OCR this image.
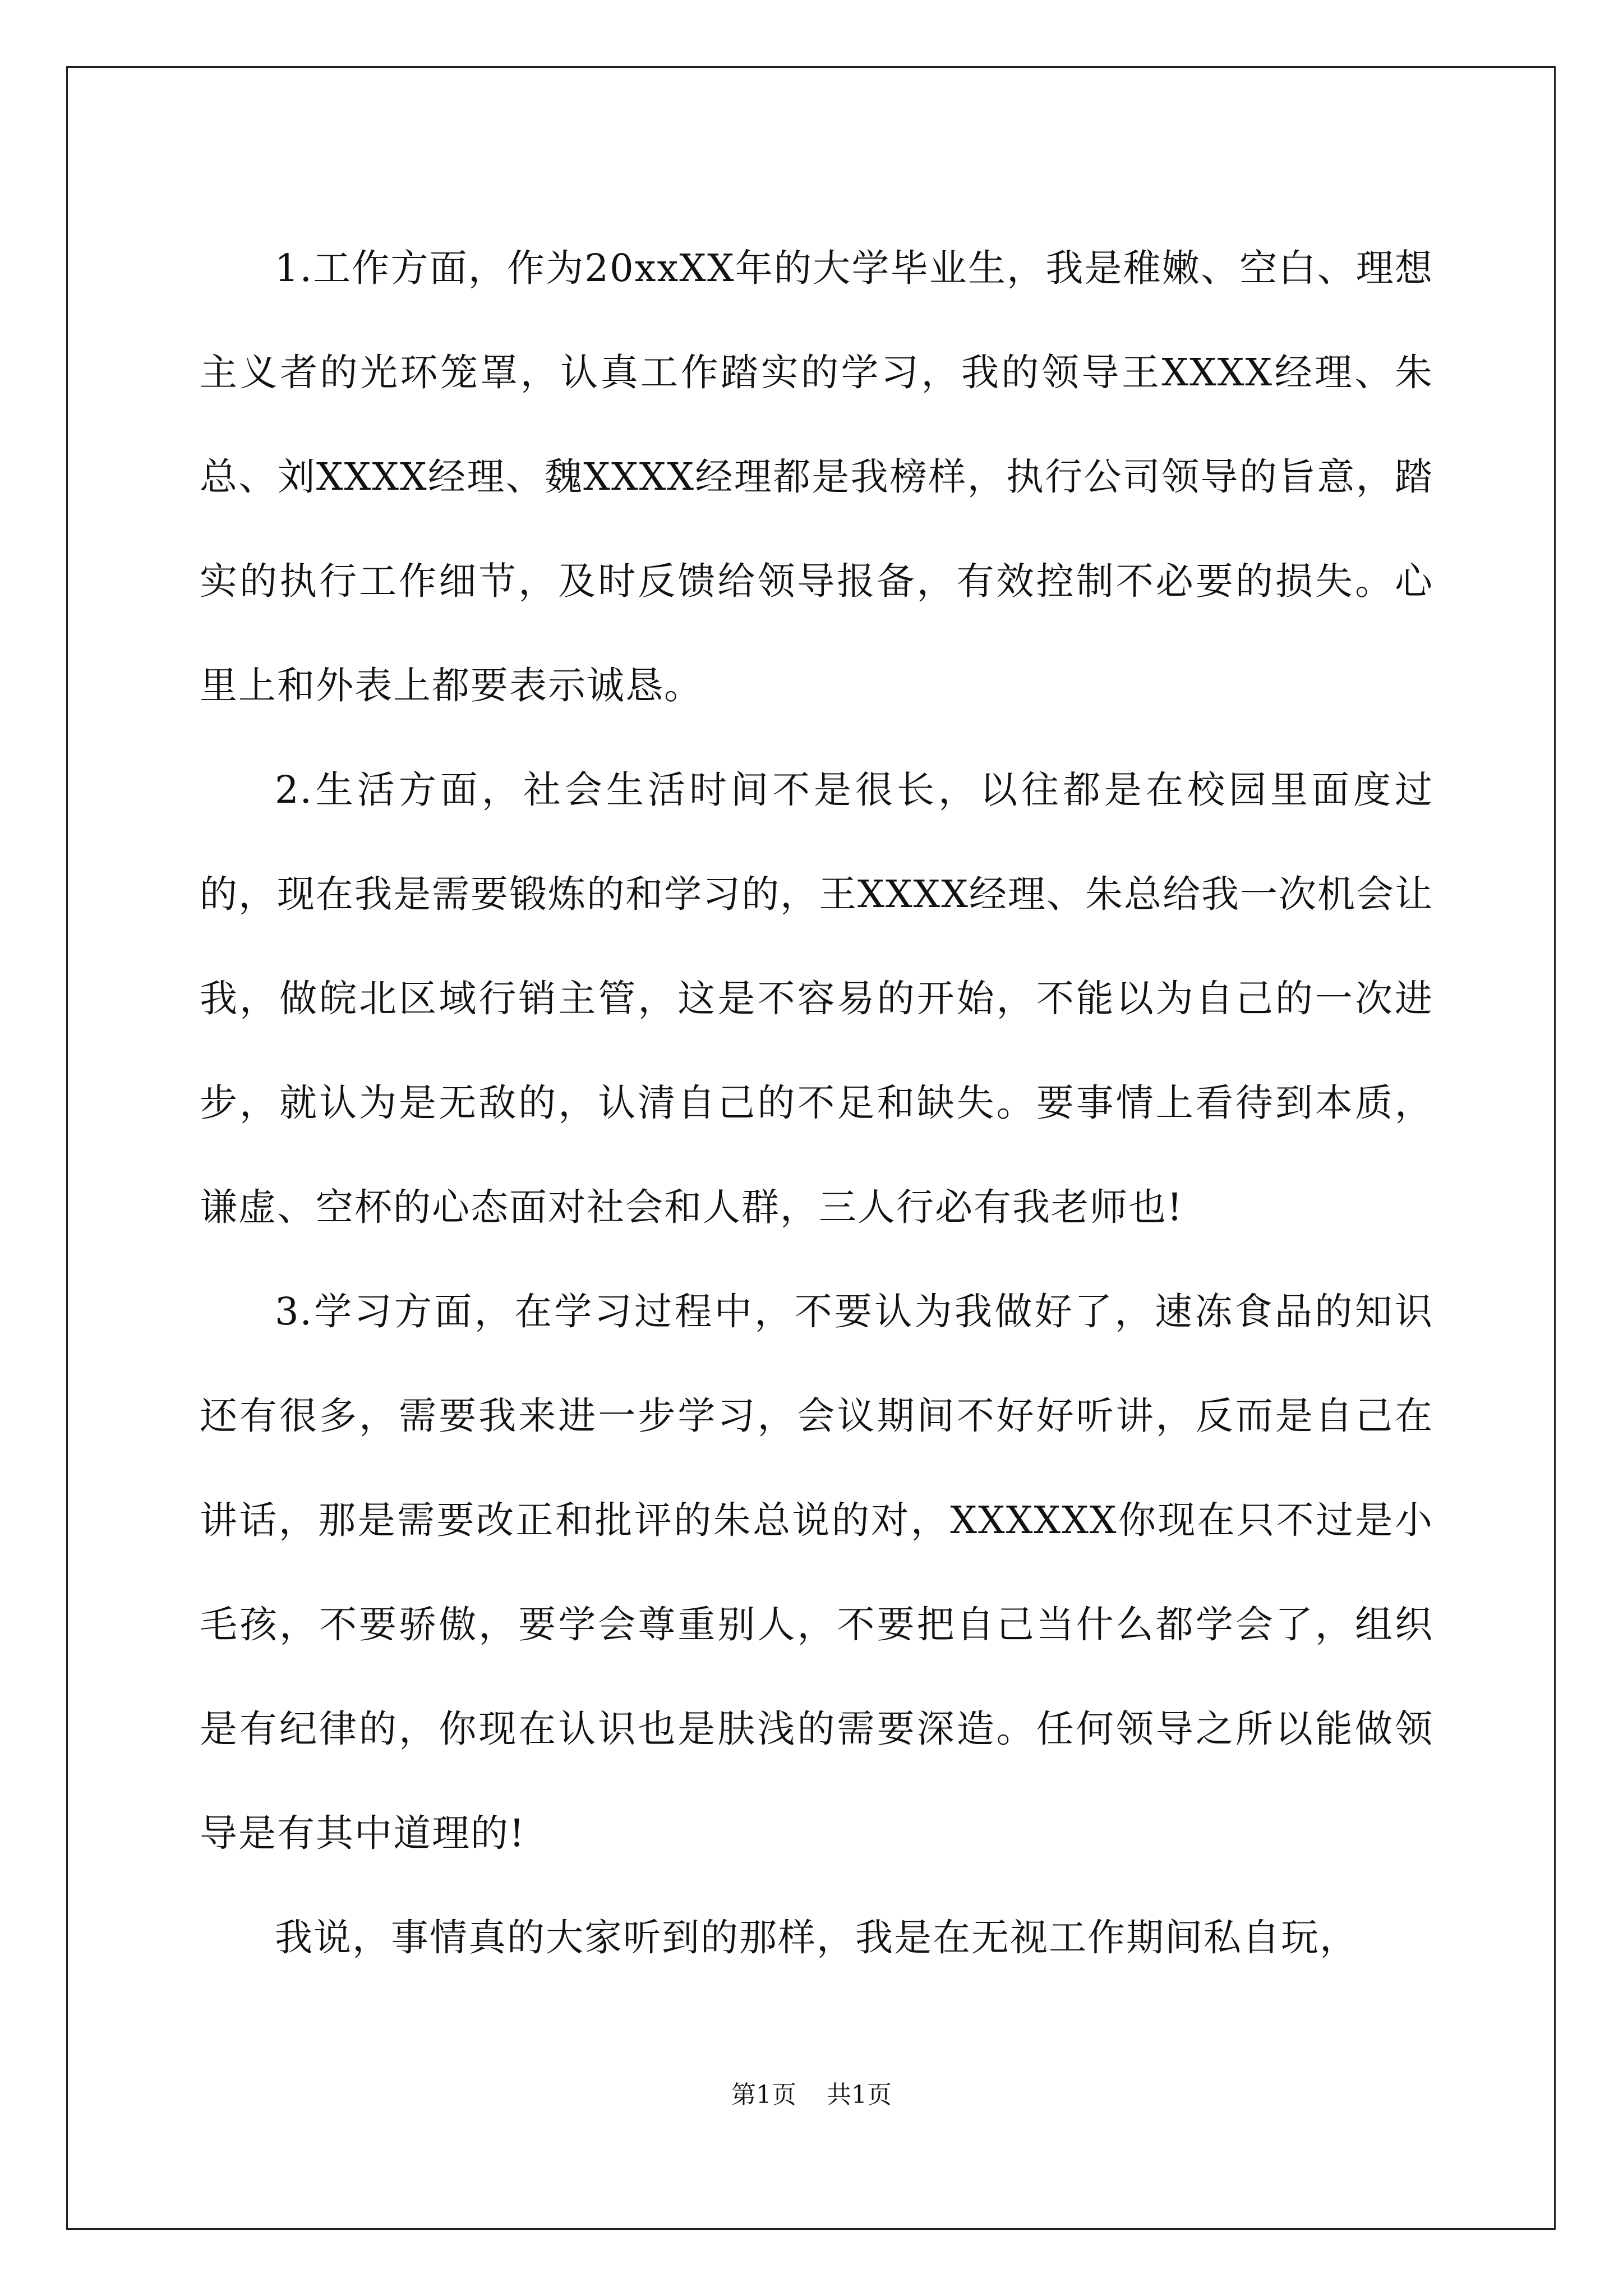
1.工作方面，作为20xxXX年的大学毕业生，我是稚嫩、空白、理想主义者的光环笼罩，认真工作踏实的学习，我的领导王XXXX经理、朱总、刘XXXX经理、魏XXXX经理都是我榜样，执行公司领导的旨意，踏实的执行工作细节，及时反馈给领导报备，有效控制不必要的损失。心里上和外表上都要表示诚恳。

2.生活方面，社会生活时间不是很长，以往都是在校园里面度过的，现在我是需要锻炼的和学习的，王XXXX经理、朱总给我一次机会让我，做皖北区域行销主管，这是不容易的开始，不能以为自己的一次进步，就认为是无敌的，认清自己的不足和缺失。要事情上看待到本质，谦虚、空杯的心态面对社会和人群，三人行必有我老师也!

3.学习方面，在学习过程中，不要认为我做好了，速冻食品的知识还有很多，需要我来进一步学习，会议期间不好好听讲，反而是自己在讲话，那是需要改正和批评的朱总说的对，XXXXXX你现在只不过是小毛孩，不要骄傲，要学会尊重别人，不要把自己当什么都学会了，组织是有纪律的，你现在认识也是肤浅的需要深造。任何领导之所以能做领导是有其中道理的!

我说，事情真的大家听到的那样，我是在无视工作期间私自玩，

第1页 共1页
